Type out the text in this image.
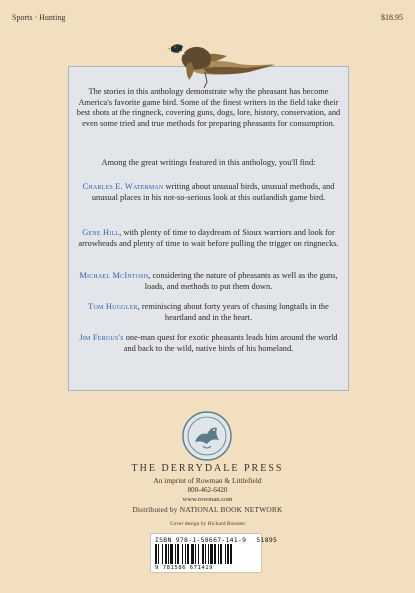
Sports · Hunting	$18.95

The stories in this anthology demonstrate why the pheasant has become America's favorite game bird. Some of the finest writers in the field take their best shots at the ringneck, covering guns, dogs, lore, history, conservation, and even some tried and true methods for preparing pheasants for consumption.

Among the great writings featured in this anthology, you'll find:

Charles E. Waterman writing about unusual birds, unusual methods, and unusual places in his not-so-serious look at this outlandish game bird.

Gene Hill, with plenty of time to daydream of Sioux warriors and look for arrowheads and plenty of time to wait before pulling the trigger on ringnecks.

Michael McIntosh, considering the nature of pheasants as well as the guns, loads, and methods to put them down.

Tom Huggler, reminiscing about forty years of chasing longtails in the heartland and in the heart.

Jim Fergus's one-man quest for exotic pheasants leads him around the world and back to the wild, native birds of his homeland.

THE DERRYDALE PRESS
An imprint of Rowman & Littlefield
800-462-6420
www.rowman.com
Distributed by NATIONAL BOOK NETWORK
Cover design by Richard Rossiter
ISBN 978-1-58667-141-9 51895
9 781586 671419
